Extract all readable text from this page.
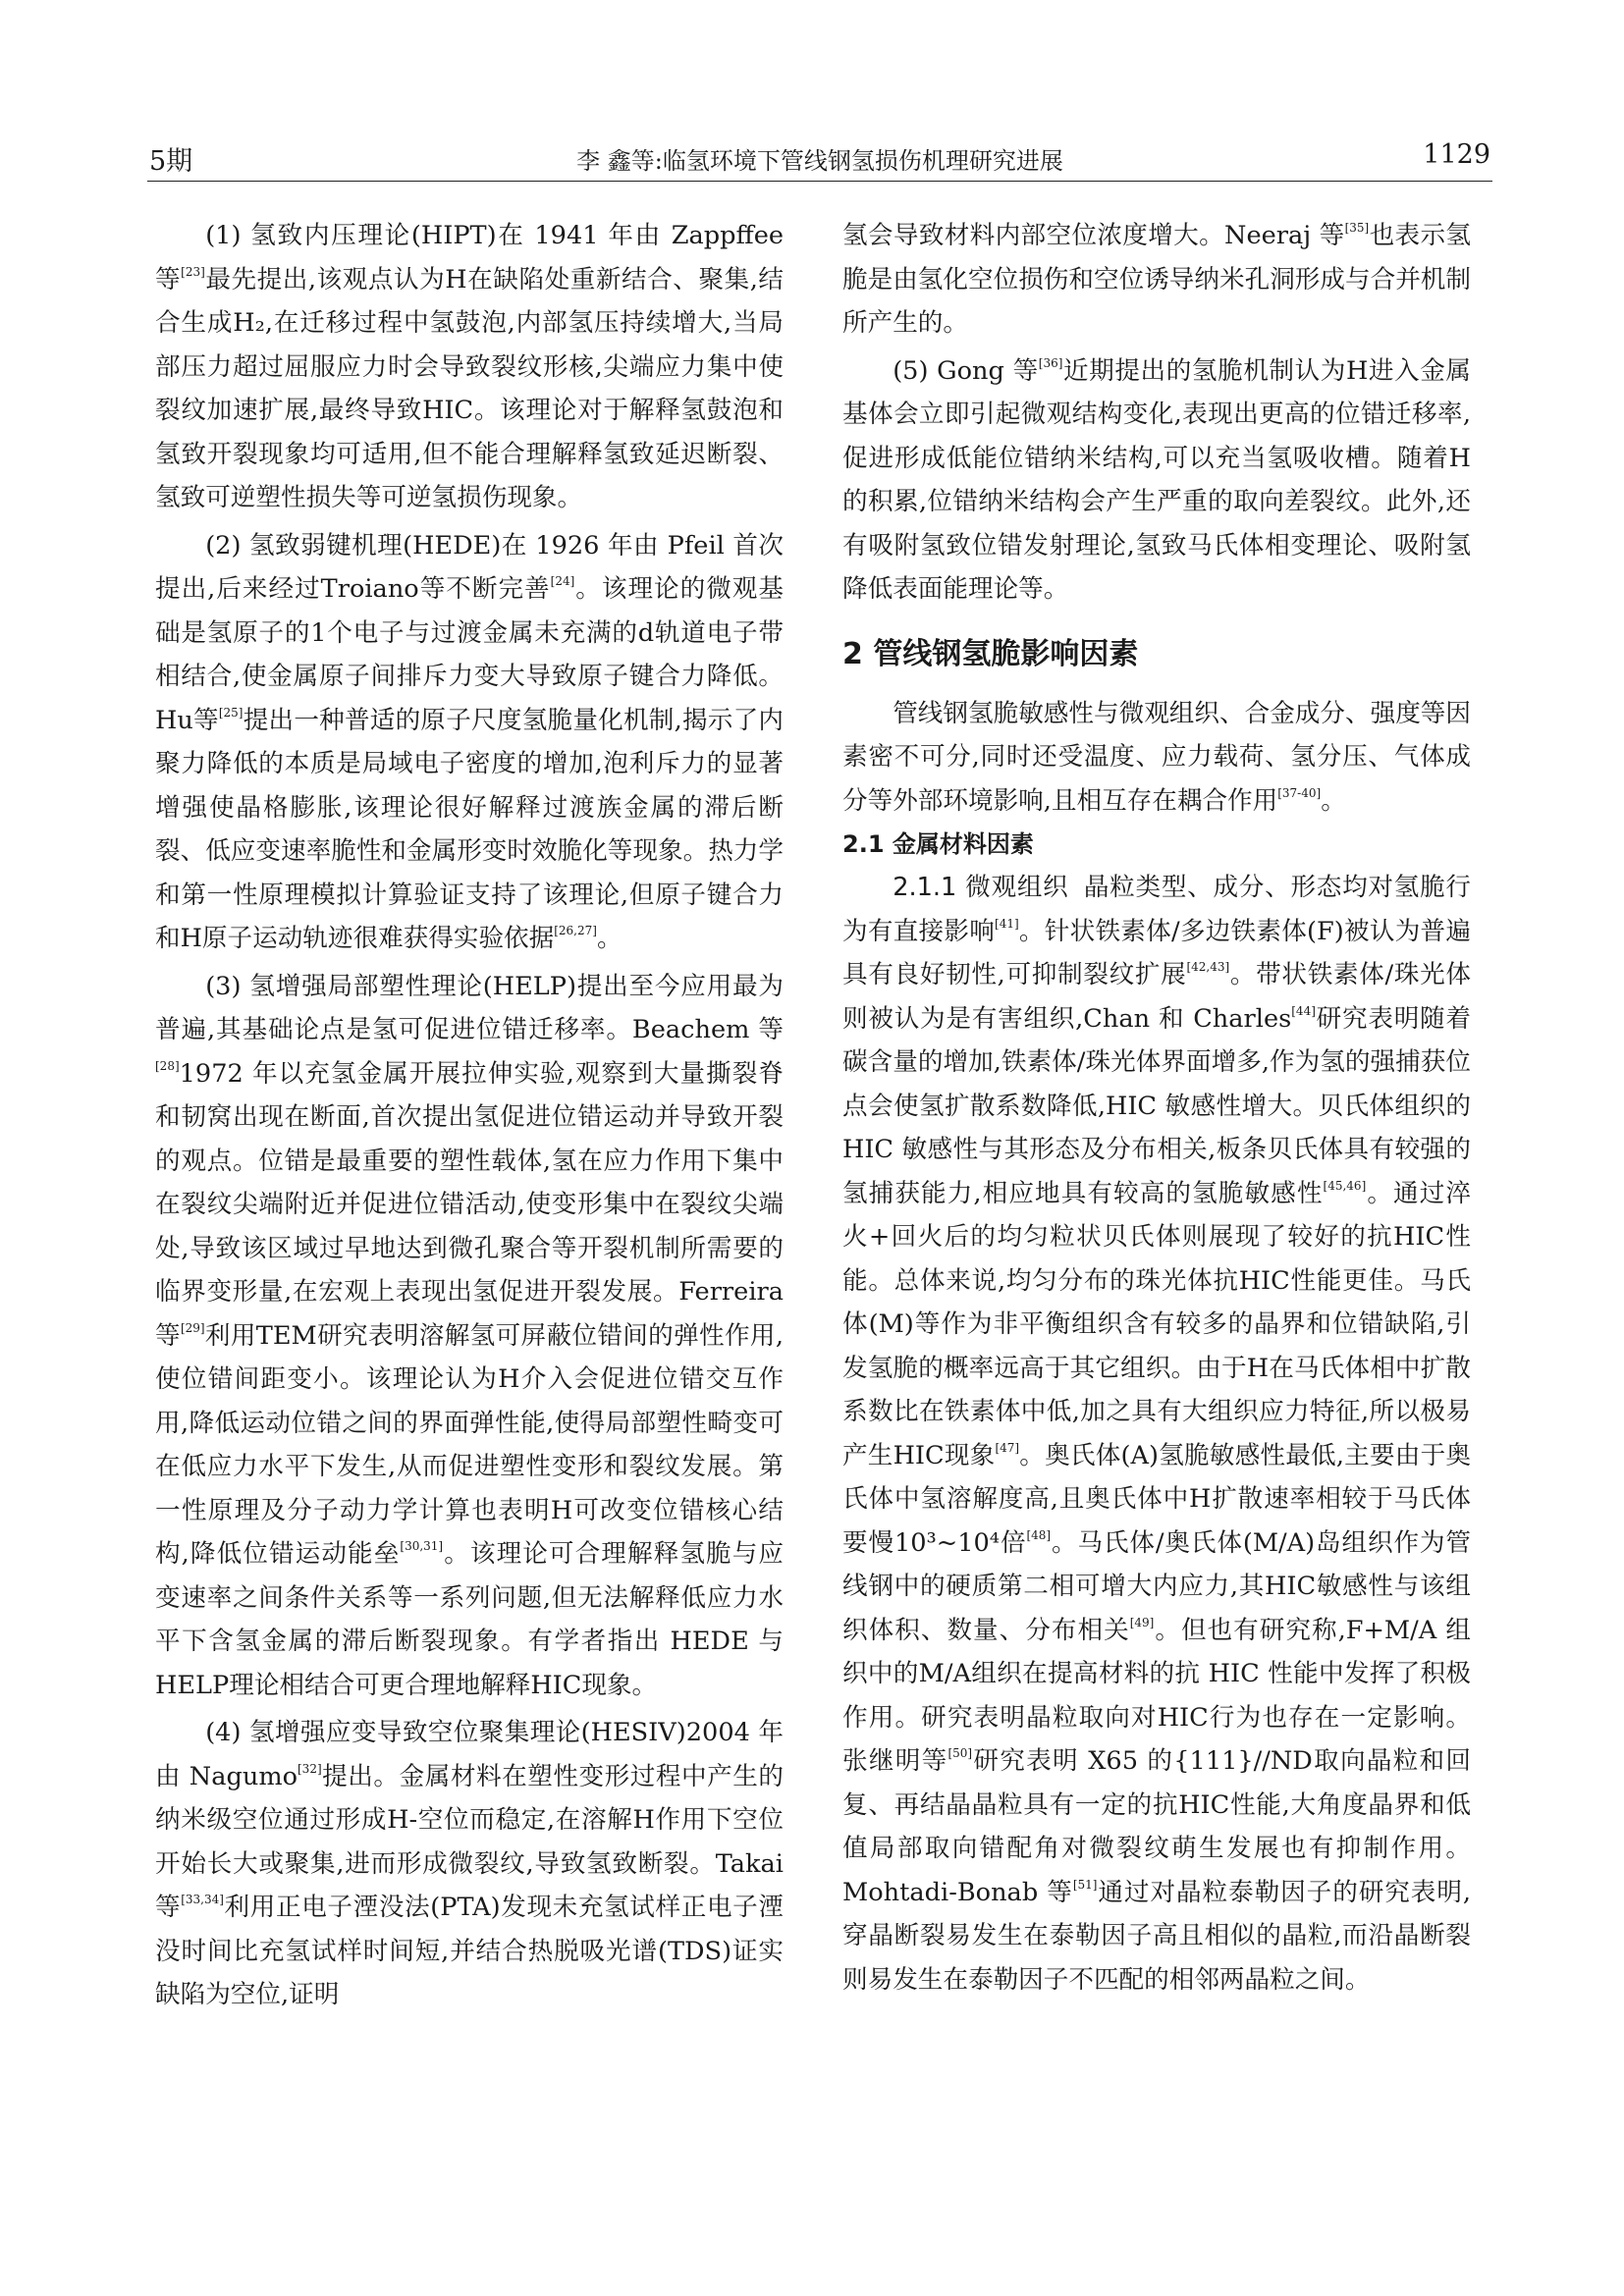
5期	李 鑫等:临氢环境下管线钢氢损伤机理研究进展	1129

(1) 氢致内压理论(HIPT)在 1941 年由 Zappffee 等[23]最先提出,该观点认为H在缺陷处重新结合、聚集,结合生成H₂,在迁移过程中氢鼓泡,内部氢压持续增大,当局部压力超过屈服应力时会导致裂纹形核,尖端应力集中使裂纹加速扩展,最终导致HIC。该理论对于解释氢鼓泡和氢致开裂现象均可适用,但不能合理解释氢致延迟断裂、氢致可逆塑性损失等可逆氢损伤现象。

(2) 氢致弱键机理(HEDE)在 1926 年由 Pfeil 首次提出,后来经过Troiano等不断完善[24]。该理论的微观基础是氢原子的1个电子与过渡金属未充满的d轨道电子带相结合,使金属原子间排斥力变大导致原子键合力降低。Hu等[25]提出一种普适的原子尺度氢脆量化机制,揭示了内聚力降低的本质是局域电子密度的增加,泡利斥力的显著增强使晶格膨胀,该理论很好解释过渡族金属的滞后断裂、低应变速率脆性和金属形变时效脆化等现象。热力学和第一性原理模拟计算验证支持了该理论,但原子键合力和H原子运动轨迹很难获得实验依据[26,27]。

(3) 氢增强局部塑性理论(HELP)提出至今应用最为普遍,其基础论点是氢可促进位错迁移率。Beachem 等[28]1972 年以充氢金属开展拉伸实验,观察到大量撕裂脊和韧窝出现在断面,首次提出氢促进位错运动并导致开裂的观点。位错是最重要的塑性载体,氢在应力作用下集中在裂纹尖端附近并促进位错活动,使变形集中在裂纹尖端处,导致该区域过早地达到微孔聚合等开裂机制所需要的临界变形量,在宏观上表现出氢促进开裂发展。Ferreira 等[29]利用TEM研究表明溶解氢可屏蔽位错间的弹性作用,使位错间距变小。该理论认为H介入会促进位错交互作用,降低运动位错之间的界面弹性能,使得局部塑性畸变可在低应力水平下发生,从而促进塑性变形和裂纹发展。第一性原理及分子动力学计算也表明H可改变位错核心结构,降低位错运动能垒[30,31]。该理论可合理解释氢脆与应变速率之间条件关系等一系列问题,但无法解释低应力水平下含氢金属的滞后断裂现象。有学者指出 HEDE 与HELP理论相结合可更合理地解释HIC现象。

(4) 氢增强应变导致空位聚集理论(HESIV)2004 年由 Nagumo[32]提出。金属材料在塑性变形过程中产生的纳米级空位通过形成H-空位而稳定,在溶解H作用下空位开始长大或聚集,进而形成微裂纹,导致氢致断裂。Takai 等[33,34]利用正电子湮没法(PTA)发现未充氢试样正电子湮没时间比充氢试样时间短,并结合热脱吸光谱(TDS)证实缺陷为空位,证明

氢会导致材料内部空位浓度增大。Neeraj 等[35]也表示氢脆是由氢化空位损伤和空位诱导纳米孔洞形成与合并机制所产生的。

(5) Gong 等[36]近期提出的氢脆机制认为H进入金属基体会立即引起微观结构变化,表现出更高的位错迁移率,促进形成低能位错纳米结构,可以充当氢吸收槽。随着H的积累,位错纳米结构会产生严重的取向差裂纹。此外,还有吸附氢致位错发射理论,氢致马氏体相变理论、吸附氢降低表面能理论等。

2 管线钢氢脆影响因素

管线钢氢脆敏感性与微观组织、合金成分、强度等因素密不可分,同时还受温度、应力载荷、氢分压、气体成分等外部环境影响,且相互存在耦合作用[37-40]。

2.1 金属材料因素

2.1.1 微观组织 晶粒类型、成分、形态均对氢脆行为有直接影响[41]。针状铁素体/多边铁素体(F)被认为普遍具有良好韧性,可抑制裂纹扩展[42,43]。带状铁素体/珠光体则被认为是有害组织,Chan 和 Charles[44]研究表明随着碳含量的增加,铁素体/珠光体界面增多,作为氢的强捕获位点会使氢扩散系数降低,HIC 敏感性增大。贝氏体组织的 HIC 敏感性与其形态及分布相关,板条贝氏体具有较强的氢捕获能力,相应地具有较高的氢脆敏感性[45,46]。通过淬火+回火后的均匀粒状贝氏体则展现了较好的抗HIC性能。总体来说,均匀分布的珠光体抗HIC性能更佳。马氏体(M)等作为非平衡组织含有较多的晶界和位错缺陷,引发氢脆的概率远高于其它组织。由于H在马氏体相中扩散系数比在铁素体中低,加之具有大组织应力特征,所以极易产生HIC现象[47]。奥氏体(A)氢脆敏感性最低,主要由于奥氏体中氢溶解度高,且奥氏体中H扩散速率相较于马氏体要慢10³~10⁴倍[48]。马氏体/奥氏体(M/A)岛组织作为管线钢中的硬质第二相可增大内应力,其HIC敏感性与该组织体积、数量、分布相关[49]。但也有研究称,F+M/A 组织中的M/A组织在提高材料的抗 HIC 性能中发挥了积极作用。研究表明晶粒取向对HIC行为也存在一定影响。张继明等[50]研究表明 X65 的{111}//ND取向晶粒和回复、再结晶晶粒具有一定的抗HIC性能,大角度晶界和低值局部取向错配角对微裂纹萌生发展也有抑制作用。Mohtadi-Bonab 等[51]通过对晶粒泰勒因子的研究表明,穿晶断裂易发生在泰勒因子高且相似的晶粒,而沿晶断裂则易发生在泰勒因子不匹配的相邻两晶粒之间。
